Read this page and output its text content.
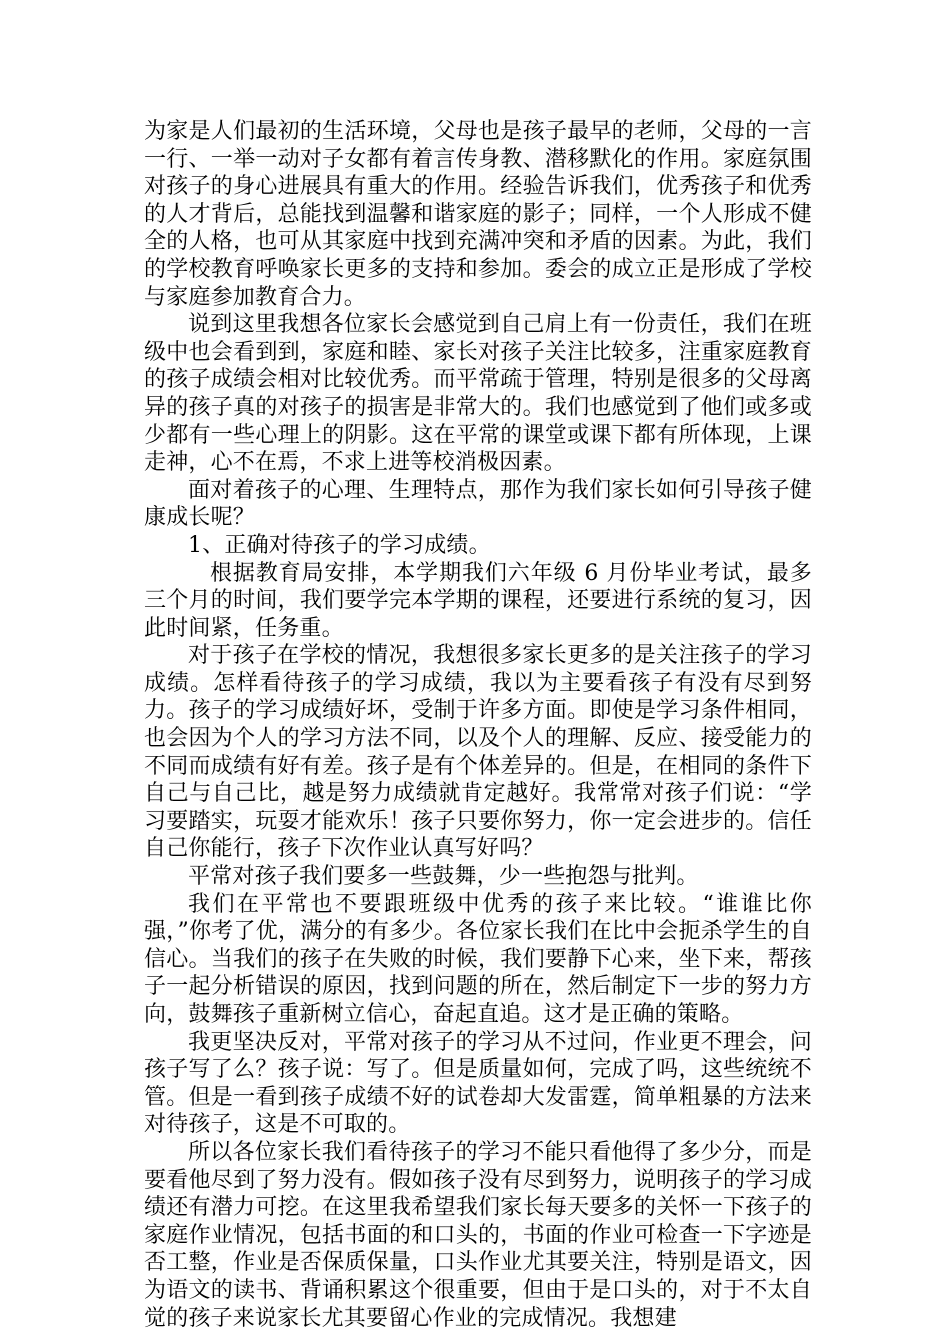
为家是人们最初的生活环境，父母也是孩子最早的老师，父母的一言一行、一举一动对子女都有着言传身教、潜移默化的作用。家庭氛围对孩子的身心进展具有重大的作用。经验告诉我们，优秀孩子和优秀的人才背后，总能找到温馨和谐家庭的影子；同样，一个人形成不健全的人格，也可从其家庭中找到充满冲突和矛盾的因素。为此，我们的学校教育呼唤家长更多的支持和参加。委会的成立正是形成了学校与家庭参加教育合力。

说到这里我想各位家长会感觉到自己肩上有一份责任，我们在班级中也会看到到，家庭和睦、家长对孩子关注比较多，注重家庭教育的孩子成绩会相对比较优秀。而平常疏于管理，特别是很多的父母离异的孩子真的对孩子的损害是非常大的。我们也感觉到了他们或多或少都有一些心理上的阴影。这在平常的课堂或课下都有所体现，上课走神，心不在焉，不求上进等校消极因素。

面对着孩子的心理、生理特点，那作为我们家长如何引导孩子健康成长呢？

1、正确对待孩子的学习成绩。

根据教育局安排，本学期我们六年级 6 月份毕业考试，最多三个月的时间，我们要学完本学期的课程，还要进行系统的复习，因此时间紧，任务重。

对于孩子在学校的情况，我想很多家长更多的是关注孩子的学习成绩。怎样看待孩子的学习成绩，我以为主要看孩子有没有尽到努力。孩子的学习成绩好坏，受制于许多方面。即使是学习条件相同，也会因为个人的学习方法不同，以及个人的理解、反应、接受能力的不同而成绩有好有差。孩子是有个体差异的。但是，在相同的条件下自己与自己比，越是努力成绩就肯定越好。我常常对孩子们说：“学习要踏实，玩耍才能欢乐！孩子只要你努力，你一定会进步的。信任自己你能行，孩子下次作业认真写好吗？

平常对孩子我们要多一些鼓舞，少一些抱怨与批判。

我们在平常也不要跟班级中优秀的孩子来比较。“谁谁比你强，”你考了优，满分的有多少。各位家长我们在比中会扼杀学生的自信心。当我们的孩子在失败的时候，我们要静下心来，坐下来，帮孩子一起分析错误的原因，找到问题的所在，然后制定下一步的努力方向，鼓舞孩子重新树立信心，奋起直追。这才是正确的策略。

我更坚决反对，平常对孩子的学习从不过问，作业更不理会，问孩子写了么？孩子说：写了。但是质量如何，完成了吗，这些统统不管。但是一看到孩子成绩不好的试卷却大发雷霆，简单粗暴的方法来对待孩子，这是不可取的。

所以各位家长我们看待孩子的学习不能只看他得了多少分，而是要看他尽到了努力没有。假如孩子没有尽到努力，说明孩子的学习成绩还有潜力可挖。在这里我希望我们家长每天要多的关怀一下孩子的家庭作业情况，包括书面的和口头的，书面的作业可检查一下字迹是否工整，作业是否保质保量，口头作业尤其要关注，特别是语文，因为语文的读书、背诵积累这个很重要，但由于是口头的，对于不太自觉的孩子来说家长尤其要留心作业的完成情况。我想建
